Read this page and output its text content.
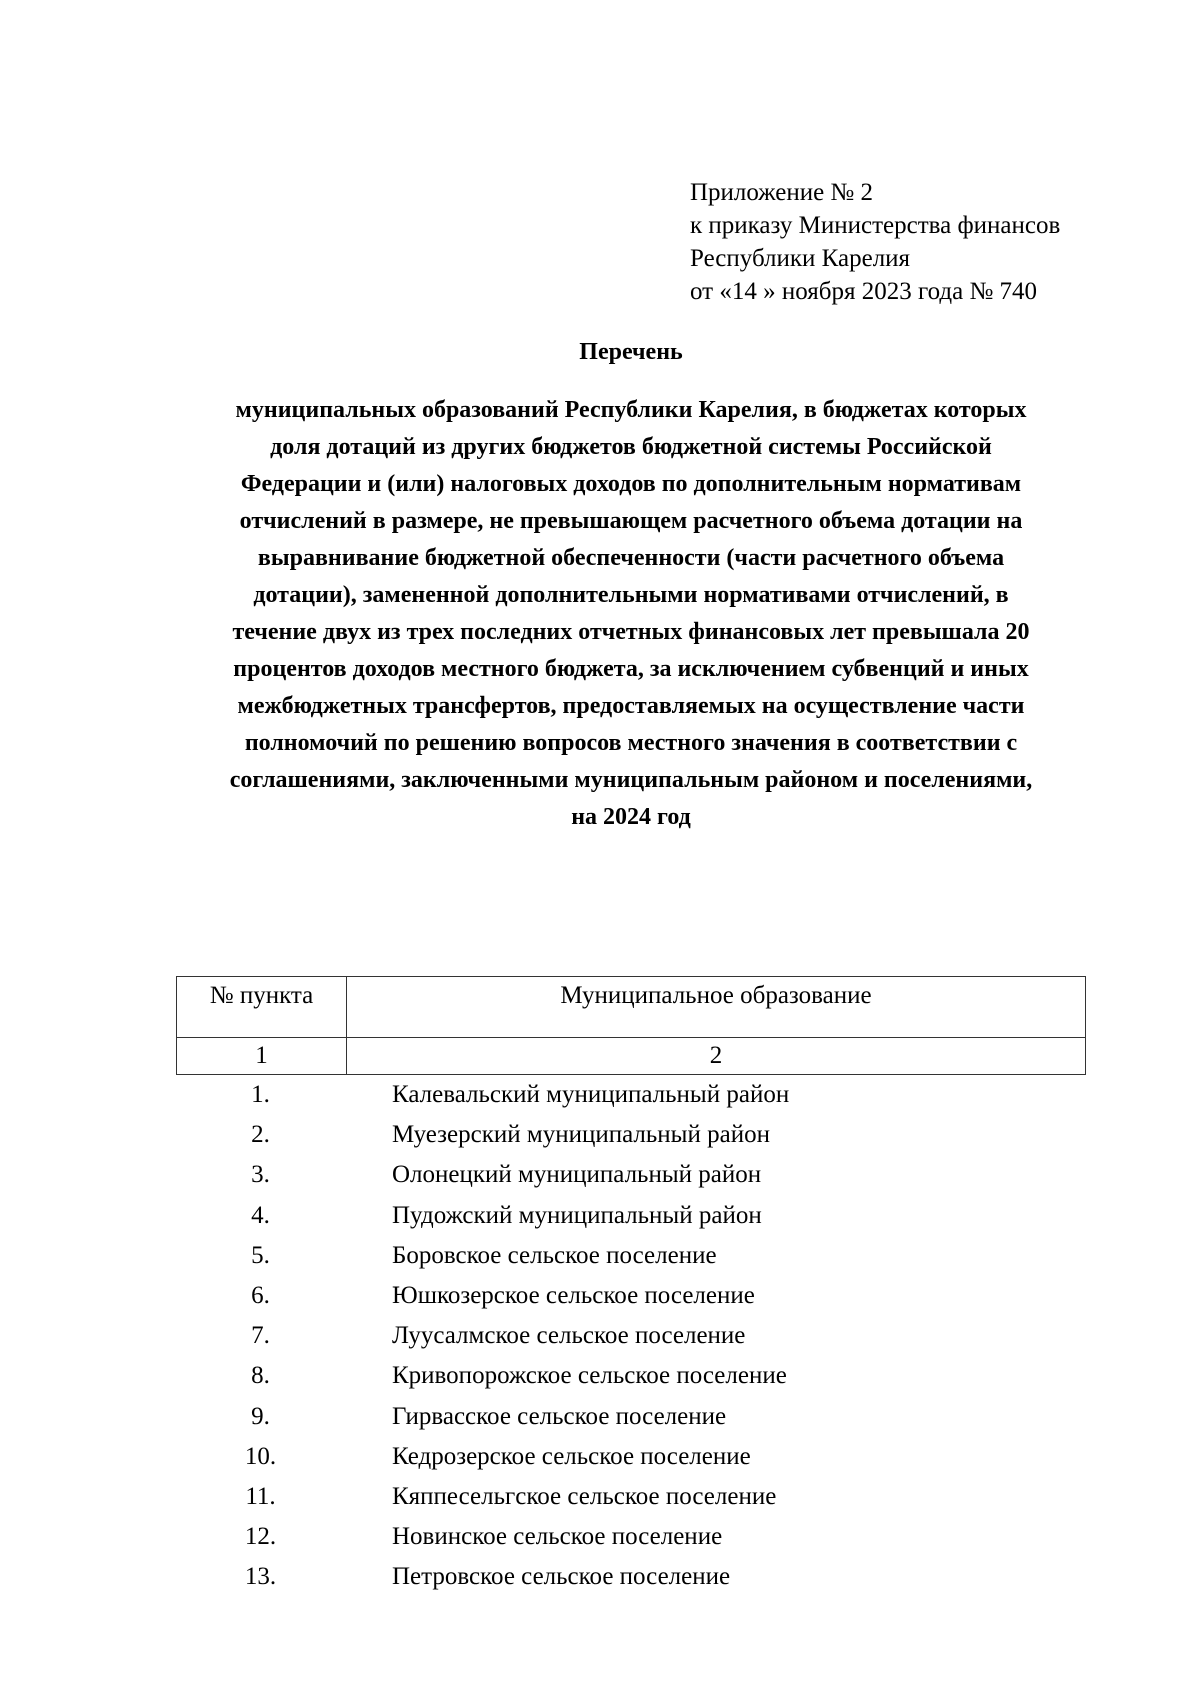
Приложение № 2
к приказу Министерства финансов
Республики Карелия
от «14 » ноября 2023 года № 740
Перечень
муниципальных образований Республики Карелия, в бюджетах которых
доля дотаций из других бюджетов бюджетной системы Российской
Федерации и (или) налоговых доходов по дополнительным нормативам
отчислений в размере, не превышающем расчетного объема дотации на
выравнивание бюджетной обеспеченности (части расчетного объема
дотации), замененной дополнительными нормативами отчислений, в
течение двух из трех последних отчетных финансовых лет превышала 20
процентов доходов местного бюджета, за исключением субвенций и иных
межбюджетных трансфертов, предоставляемых на осуществление части
полномочий по решению вопросов местного значения в соответствии с
соглашениями, заключенными муниципальным районом и поселениями,
на 2024 год
№ пункта	Муниципальное образование
1	2
1.	Калевальский муниципальный район
2.	Муезерский муниципальный район
3.	Олонецкий муниципальный район
4.	Пудожский муниципальный район
5.	Боровское сельское поселение
6.	Юшкозерское сельское поселение
7.	Луусалмское сельское поселение
8.	Кривопорожское сельское поселение
9.	Гирвасское сельское поселение
10.	Кедрозерское сельское поселение
11.	Кяппесельгское сельское поселение
12.	Новинское сельское поселение
13.	Петровское сельское поселение
